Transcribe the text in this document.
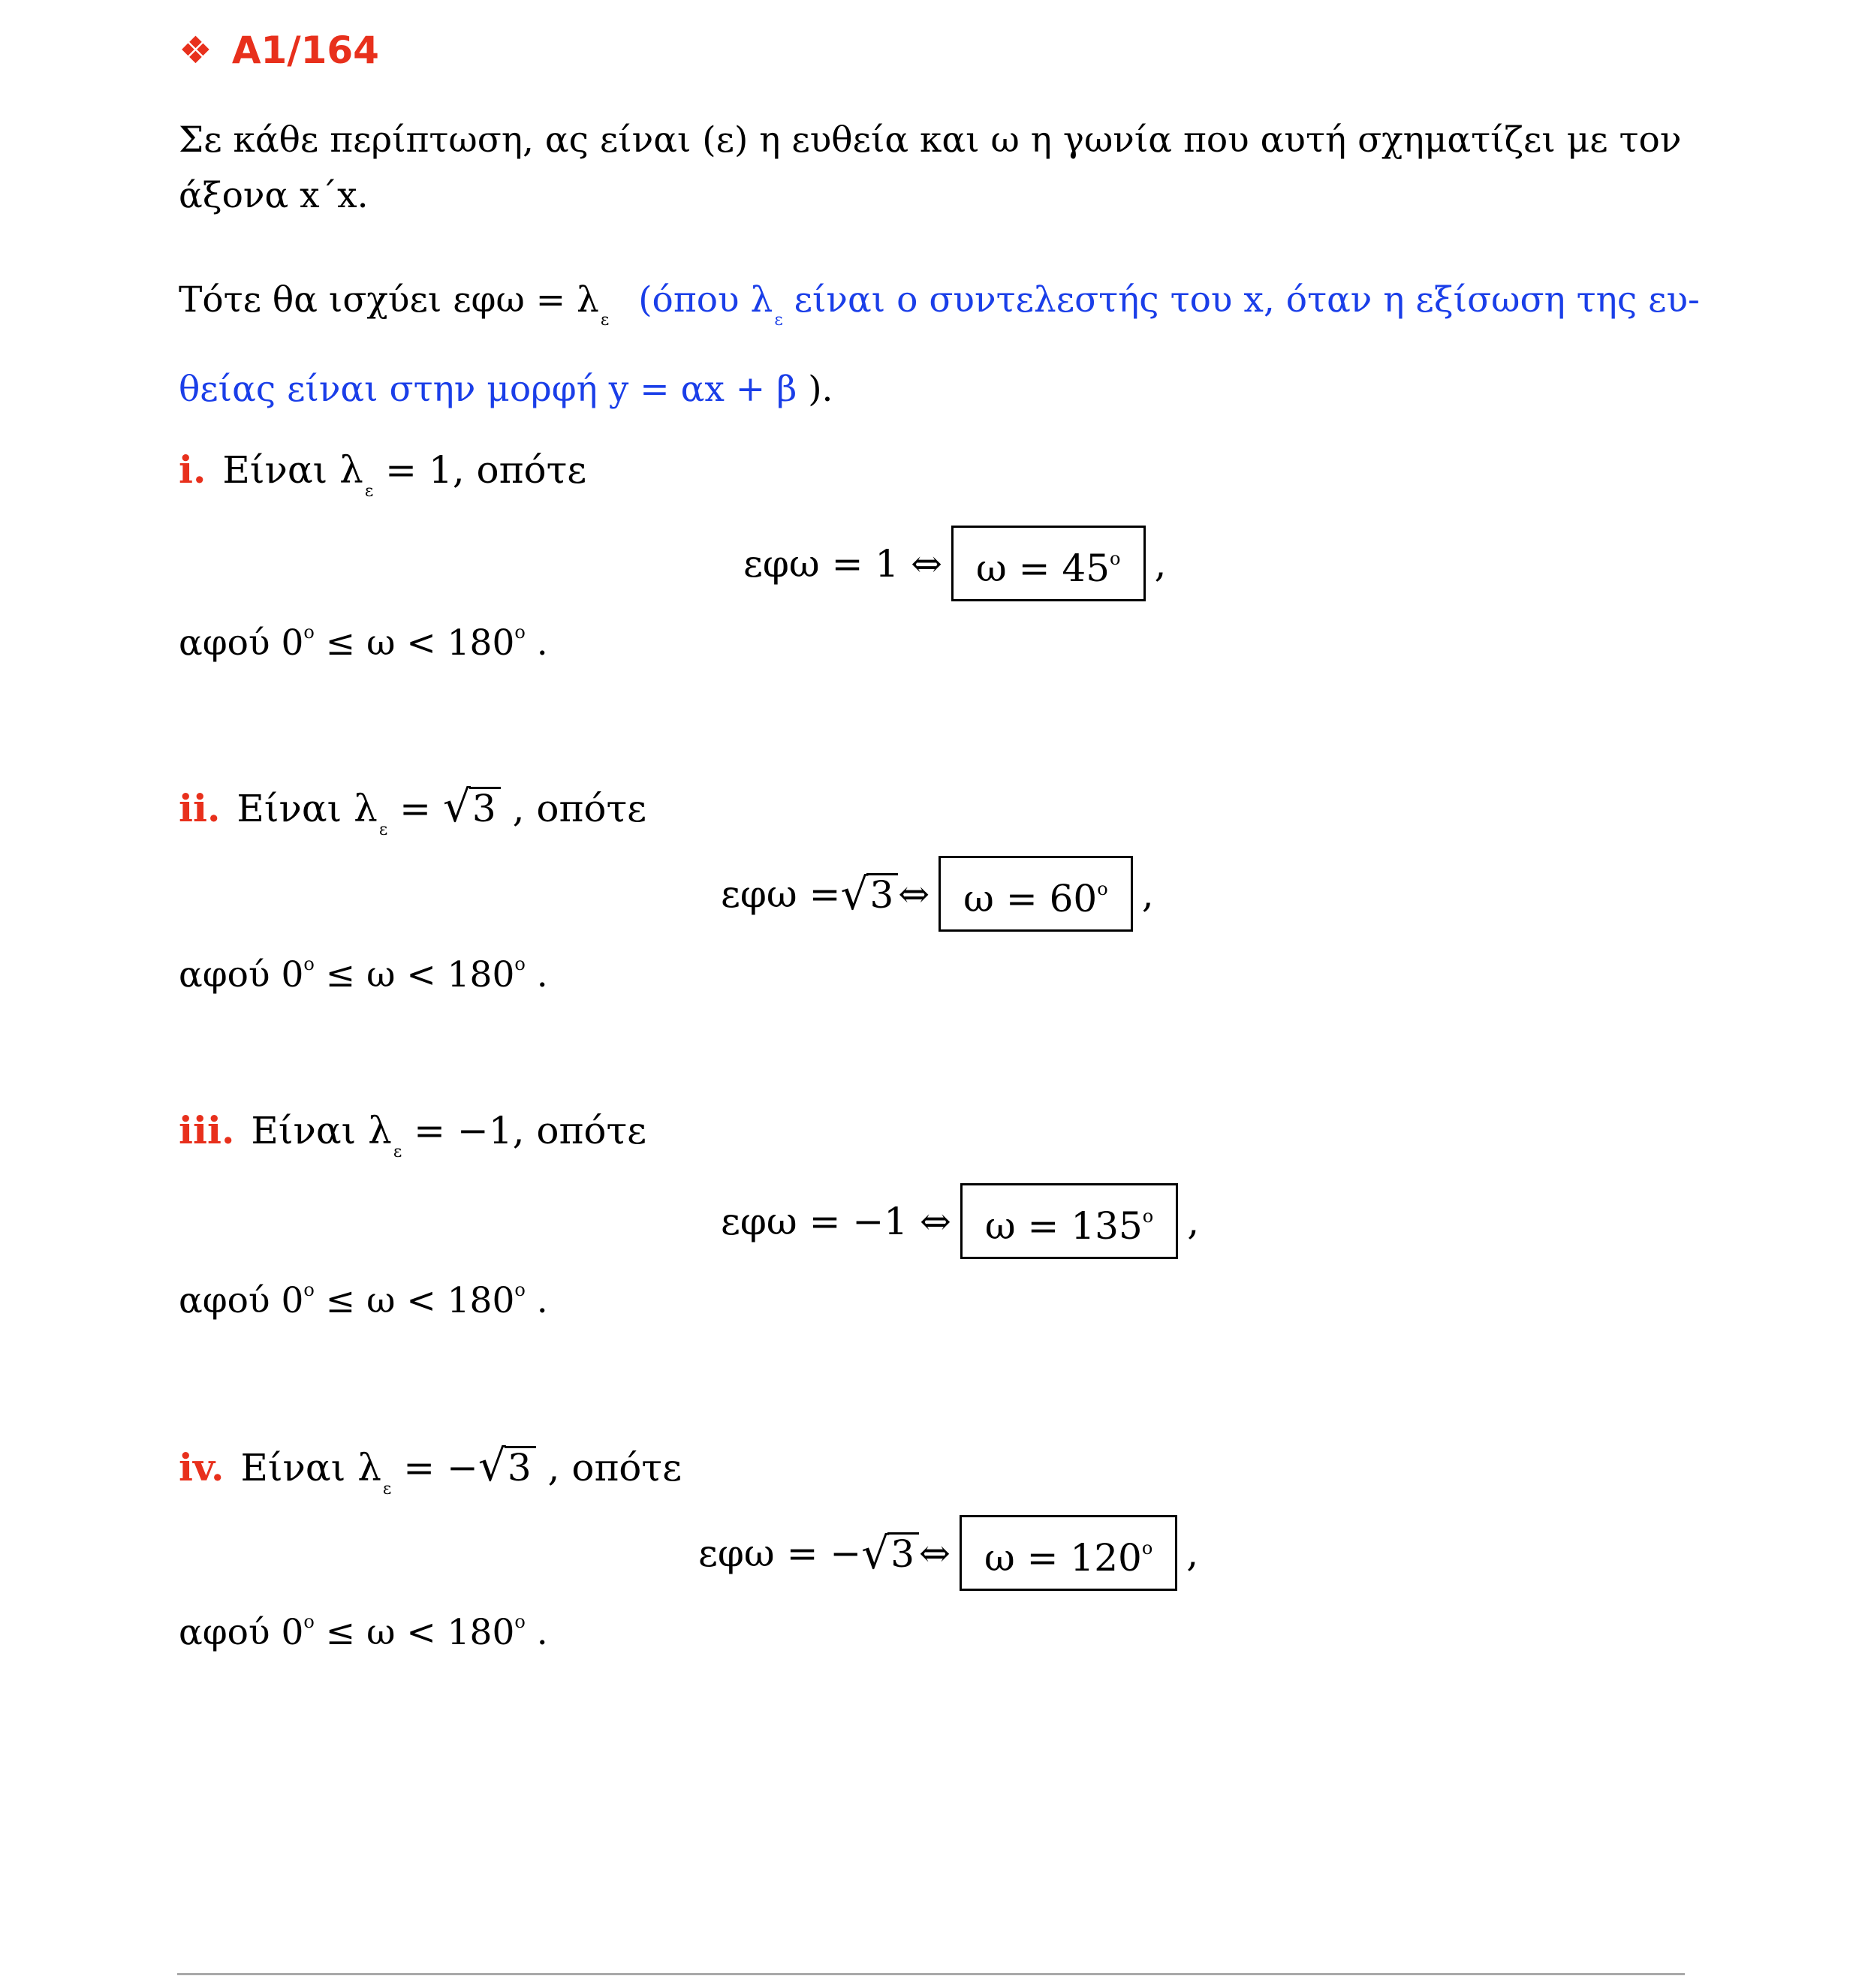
❖ A1/164
Σε κάθε περίπτωση, ας είναι (ε) η ευθεία και ω η γωνία που αυτή σχηματίζει με τον
άξονα x΄x.
Τότε θα ισχύει $\varepsilon\varphi\omega = \lambda_\varepsilon$ (όπου $\lambda_\varepsilon$ είναι ο συντελεστής του x, όταν η εξίσωση της ευ-
θείας είναι στην μορφή y = αx + β ).
i. Είναι $\lambda_\varepsilon = 1$, οπότε
εφω = 1 ⇔ $\omega = 45^o$ ,
αφού $0^o \le \omega < 180^o$ .
ii. Είναι $\lambda_\varepsilon = √3$ , οπότε
εφω = √ 3 ⇔ $\omega = 60^o$ ,
αφού $0^o \le \omega < 180^o$ .
iii. Είναι $\lambda_\varepsilon = -1$, οπότε
εφω = −1 ⇔ $\omega = 135^o$ ,
αφού $0^o \le \omega < 180^o$ .
iv. Είναι $\lambda_\varepsilon = -√3$ , οπότε
εφω = − √ 3 ⇔ $\omega = 120^o$ ,
αφού $0^o \le \omega < 180^o$ .
